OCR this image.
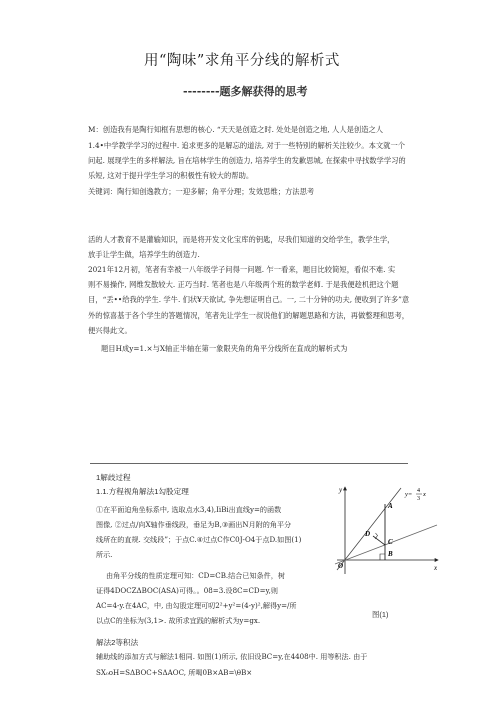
用“陶味”求角平分线的解析式
--------题多解获得的思考
M：创造我有是陶行知框有思想的核心. “天天是创造之时. 处处是创造之地, 人人是创造之人
1.4•中学教学学习的过程中. 追求更多的是解忘的道法, 对于一些特别的解析关注较少。本文就一个
问起. 展现学生的多样解法, 旨在培林学生的创造力, 培养学生的发歉思城, 在探索中寻找数学学习的
乐短, 这对于提升学生学习的积极性有较大的帮助。
关键词：陶行知创逸教方；一迎多解；角平分理；发效思维；方法思考
活的人才教育不是灌输知识，而是将开发文化宝库的钥匙，尽我们知道的交给学生，教学生学，
放手让学生做，培养学生的创造力.
2021年12月初，笔者有幸被一八年级学子问得一问题. 乍一看来，题目比较简短，看似不难. 实
则不易操作, 网维发散较大. 正巧当时. 笔者也是八年级两个班的数学老师. 于是我便趁机把这个题
目，“丢••给我的学生. 学牛. 们状¥天欲试, 争先想证明自己。一, 二十分钟的功夫, 便收到了许多”意
外的惊喜基于各个学生的答题情况，笔者先让学生一叔说他们的解题思路和方法，再做整理和思考，
便兴得此文。
题目H成y=1.×与X轴正半轴在第一象限夹角的角平分线所在直成的解析式为
1解歧过程
1.1.方程视角解法1勾股定理
①在平面迫角坐标系中, 选取点水3,4),IiBi出直线y=的函数
图像, ②过点/向X轴作垂线段，垂足为B,③画出N月附的角平分
线所在的直规. 交线段”；于点C.④过点C作C0J-O4于点D.如图(1)
所示.
由角平分线的性质定理可知：CD=CB.结合已知条件，树
证得4DOCZΔBOC(ASA)可得。。08=3.设8C=CD=y,则
AC=4-y.在4AC，中, 由勾股定理可叨2²+y²=(4-y)²,解得y=/所
以点C的坐标为(3,1>. 故所求宜践的解析式为y=gx.
y
x
O
A
B
C
D
y= 4
3
x
图(1)
解法2等积法
辅助线的添加方式与解法1相同. 如图(1)所示, 依旧设BC=y,在4408中. 用等积法. 由于
SX₀oH=SΔBOC+SΔAOC, 所喝0B×AB=\θB×
